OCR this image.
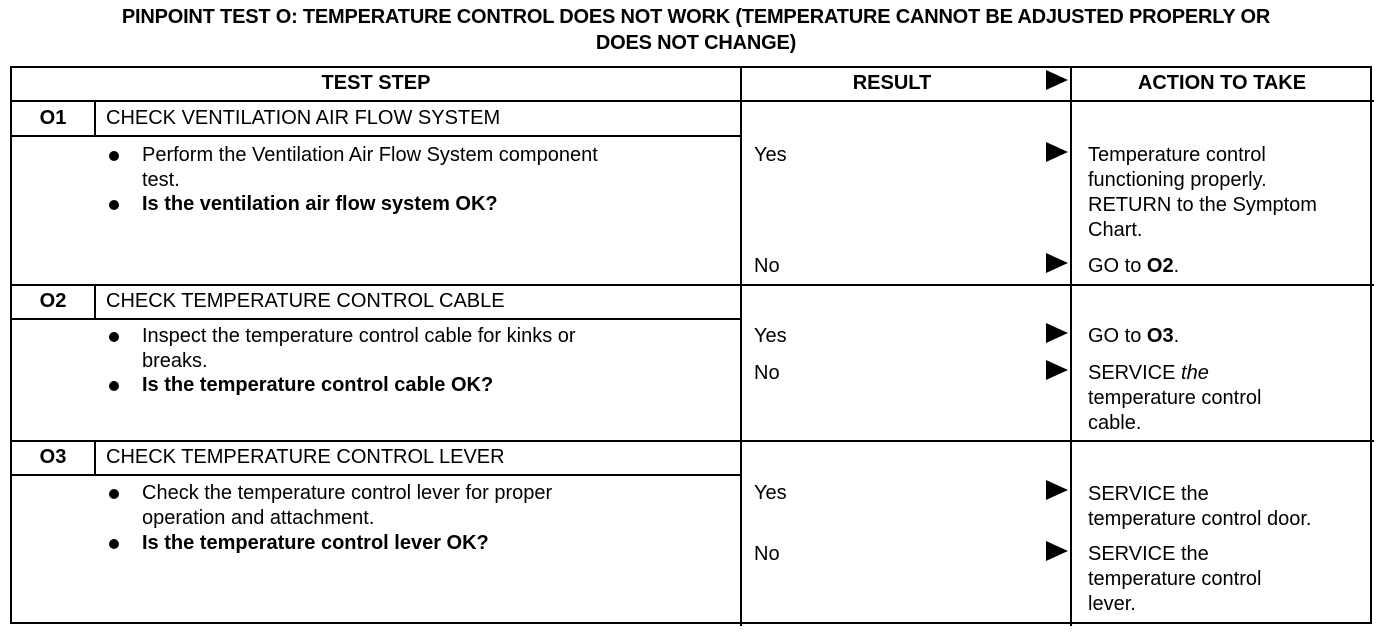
PINPOINT TEST O: TEMPERATURE CONTROL DOES NOT WORK (TEMPERATURE CANNOT BE ADJUSTED PROPERLY OR
DOES NOT CHANGE)
TEST STEP	RESULT	ACTION TO TAKE
O1	CHECK VENTILATION AIR FLOW SYSTEM
Perform the Ventilation Air Flow System component
test.
Is the ventilation air flow system OK?
Yes	Temperature control
functioning properly.
RETURN to the Symptom
Chart.
No	GO to O2.
O2	CHECK TEMPERATURE CONTROL CABLE
Inspect the temperature control cable for kinks or
breaks.
Is the temperature control cable OK?
Yes	GO to O3.
No	SERVICE the
temperature control
cable.
O3	CHECK TEMPERATURE CONTROL LEVER
Check the temperature control lever for proper
operation and attachment.
Is the temperature control lever OK?
Yes	SERVICE the
temperature control door.
No	SERVICE the
temperature control
lever.
